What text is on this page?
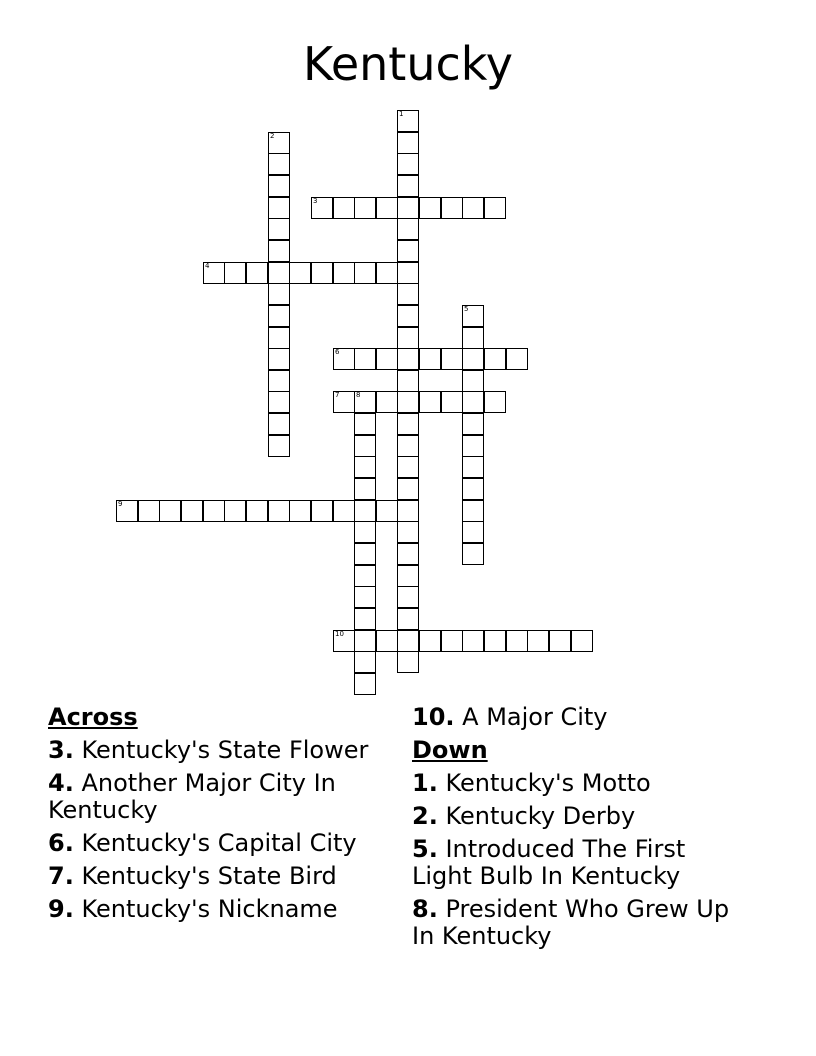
Kentucky
1
2
3
4
5
6
7 8
9
10
Across
3. Kentucky's State Flower
4. Another Major City In Kentucky
6. Kentucky's Capital City
7. Kentucky's State Bird
9. Kentucky's Nickname
10. A Major City
Down
1. Kentucky's Motto
2. Kentucky Derby
5. Introduced The First Light Bulb In Kentucky
8. President Who Grew Up In Kentucky
